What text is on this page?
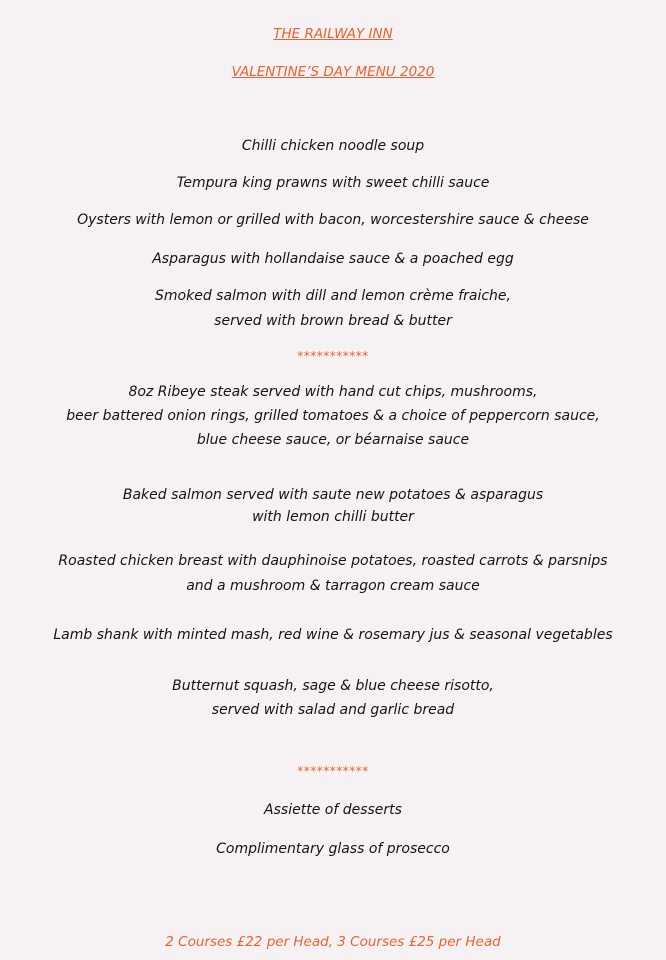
THE RAILWAY INN
VALENTINE’S DAY MENU 2020
Chilli chicken noodle soup
Tempura king prawns with sweet chilli sauce
Oysters with lemon or grilled with bacon, worcestershire sauce & cheese
Asparagus with hollandaise sauce & a poached egg
Smoked salmon with dill and lemon crème fraiche,
served with brown bread & butter
***********
8oz Ribeye steak served with hand cut chips, mushrooms,
beer battered onion rings, grilled tomatoes & a choice of peppercorn sauce,
blue cheese sauce, or béarnaise sauce
Baked salmon served with saute new potatoes & asparagus
with lemon chilli butter
Roasted chicken breast with dauphinoise potatoes, roasted carrots & parsnips
and a mushroom & tarragon cream sauce
Lamb shank with minted mash, red wine & rosemary jus & seasonal vegetables
Butternut squash, sage & blue cheese risotto,
served with salad and garlic bread
***********
Assiette of desserts
Complimentary glass of prosecco
2 Courses £22 per Head, 3 Courses £25 per Head
